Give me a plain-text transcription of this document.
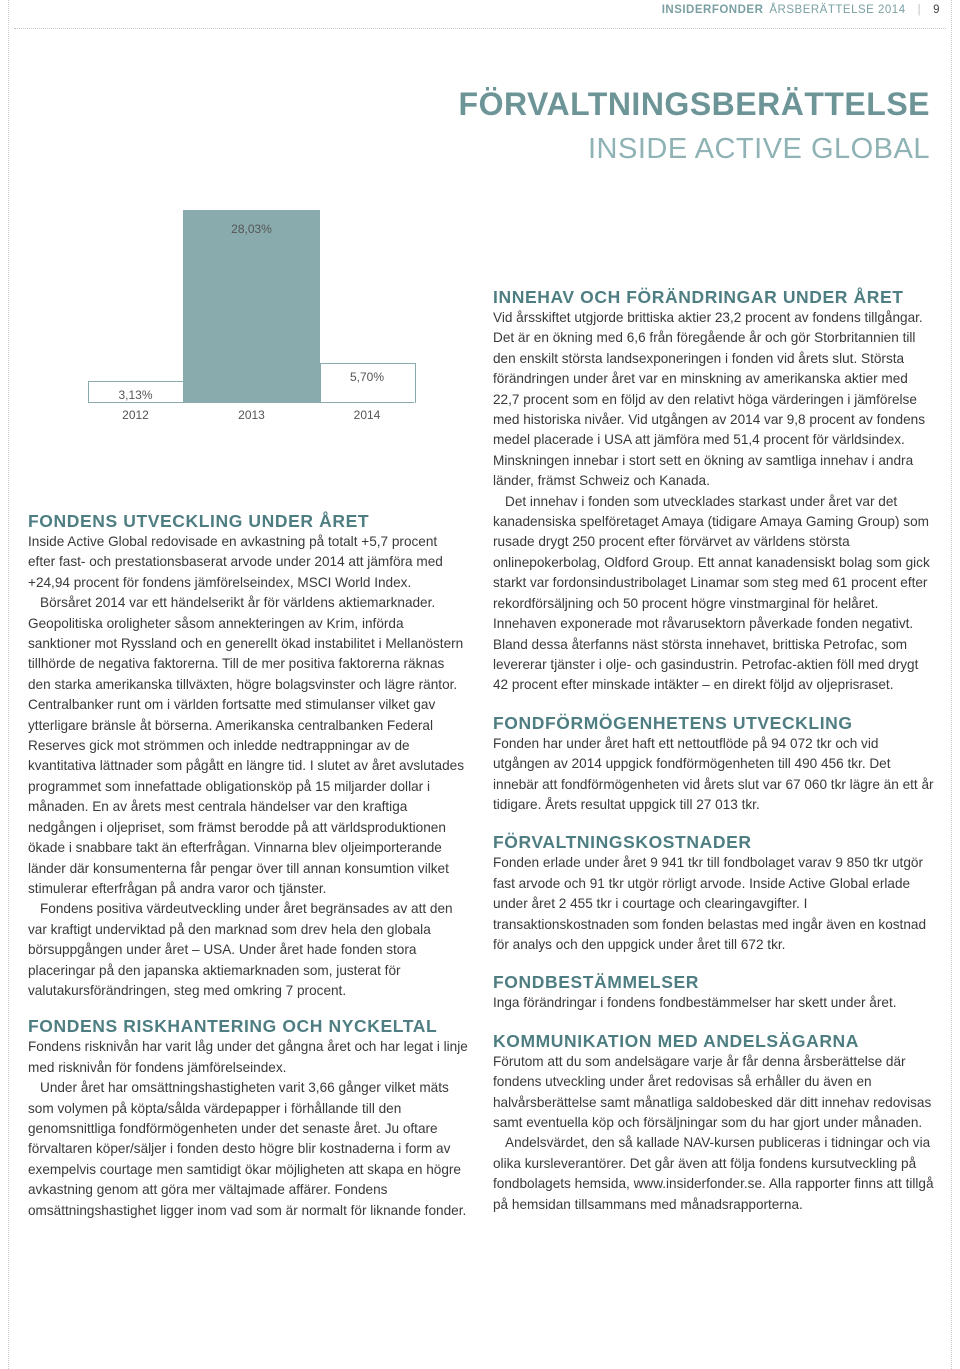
INSIDERFONDER ÅRSBERÄTTELSE 2014 | 9
FÖRVALTNINGSBERÄTTELSE
INSIDE ACTIVE GLOBAL
3,13%
2012
28,03%
2013
5,70%
2014
FONDENS UTVECKLING UNDER ÅRET

Inside Active Global redovisade en avkastning på totalt +5,7 procent efter fast- och prestationsbaserat arvode under 2014 att jämföra med +24,94 procent för fondens jämförelseindex, MSCI World Index.

Börsåret 2014 var ett händelserikt år för världens aktiemarknader. Geopolitiska oroligheter såsom annekteringen av Krim, införda sanktioner mot Ryssland och en generellt ökad instabilitet i Mellanöstern tillhörde de negativa faktorerna. Till de mer positiva faktorerna räknas den starka amerikanska tillväxten, högre bolagsvinster och lägre räntor. Centralbanker runt om i världen fortsatte med stimulanser vilket gav ytterligare bränsle åt börserna. Amerikanska centralbanken Federal Reserves gick mot strömmen och inledde nedtrappningar av de kvantitativa lättnader som pågått en längre tid. I slutet av året avslutades programmet som innefattade obligationsköp på 15 miljarder dollar i månaden. En av årets mest centrala händelser var den kraftiga nedgången i oljepriset, som främst berodde på att världsproduktionen ökade i snabbare takt än efterfrågan. Vinnarna blev oljeimporterande länder där konsumenterna får pengar över till annan konsumtion vilket stimulerar efterfrågan på andra varor och tjänster.

Fondens positiva värdeutveckling under året begränsades av att den var kraftigt underviktad på den marknad som drev hela den globala börsuppgången under året – USA. Under året hade fonden stora placeringar på den japanska aktiemarknaden som, justerat för valutakursförändringen, steg med omkring 7 procent.

FONDENS RISKHANTERING OCH NYCKELTAL

Fondens risknivån har varit låg under det gångna året och har legat i linje med risknivån för fondens jämförelseindex.

Under året har omsättningshastigheten varit 3,66 gånger vilket mäts som volymen på köpta/sålda värdepapper i förhållande till den genomsnittliga fondförmögenheten under det senaste året. Ju oftare förvaltaren köper/säljer i fonden desto högre blir kostnaderna i form av exempelvis courtage men samtidigt ökar möjligheten att skapa en högre avkastning genom att göra mer vältajmade affärer. Fondens omsättningshastighet ligger inom vad som är normalt för liknande fonder.

INNEHAV OCH FÖRÄNDRINGAR UNDER ÅRET

Vid årsskiftet utgjorde brittiska aktier 23,2 procent av fondens tillgångar. Det är en ökning med 6,6 från föregående år och gör Storbritannien till den enskilt största landsexponeringen i fonden vid årets slut. Största förändringen under året var en minskning av amerikanska aktier med 22,7 procent som en följd av den relativt höga värderingen i jämförelse med historiska nivåer. Vid utgången av 2014 var 9,8 procent av fondens medel placerade i USA att jämföra med 51,4 procent för världsindex. Minskningen innebar i stort sett en ökning av samtliga innehav i andra länder, främst Schweiz och Kanada.

Det innehav i fonden som utvecklades starkast under året var det kanadensiska spelföretaget Amaya (tidigare Amaya Gaming Group) som rusade drygt 250 procent efter förvärvet av världens största onlinepokerbolag, Oldford Group. Ett annat kanadensiskt bolag som gick starkt var fordonsindustribolaget Linamar som steg med 61 procent efter rekordförsäljning och 50 procent högre vinstmarginal för helåret. Innehaven exponerade mot råvarusektorn påverkade fonden negativt. Bland dessa återfanns näst största innehavet, brittiska Petrofac, som levererar tjänster i olje- och gasindustrin. Petrofac-aktien föll med drygt 42 procent efter minskade intäkter – en direkt följd av oljeprisraset.

FONDFÖRMÖGENHETENS UTVECKLING

Fonden har under året haft ett nettoutflöde på 94 072 tkr och vid utgången av 2014 uppgick fondförmögenheten till 490 456 tkr. Det innebär att fondförmögenheten vid årets slut var 67 060 tkr lägre än ett år tidigare. Årets resultat uppgick till 27 013 tkr.

FÖRVALTNINGSKOSTNADER

Fonden erlade under året 9 941 tkr till fondbolaget varav 9 850 tkr utgör fast arvode och 91 tkr utgör rörligt arvode. Inside Active Global erlade under året 2 455 tkr i courtage och clearingavgifter. I transaktionskostnaden som fonden belastas med ingår även en kostnad för analys och den uppgick under året till 672 tkr.

FONDBESTÄMMELSER

Inga förändringar i fondens fondbestämmelser har skett under året.

KOMMUNIKATION MED ANDELSÄGARNA

Förutom att du som andelsägare varje år får denna årsberättelse där fondens utveckling under året redovisas så erhåller du även en halvårsberättelse samt månatliga saldobesked där ditt innehav redovisas samt eventuella köp och försäljningar som du har gjort under månaden.

Andelsvärdet, den så kallade NAV-kursen publiceras i tidningar och via olika kursleverantörer. Det går även att följa fondens kursutveckling på fondbolagets hemsida, www.insiderfonder.se. Alla rapporter finns att tillgå på hemsidan tillsammans med månadsrapporterna.
